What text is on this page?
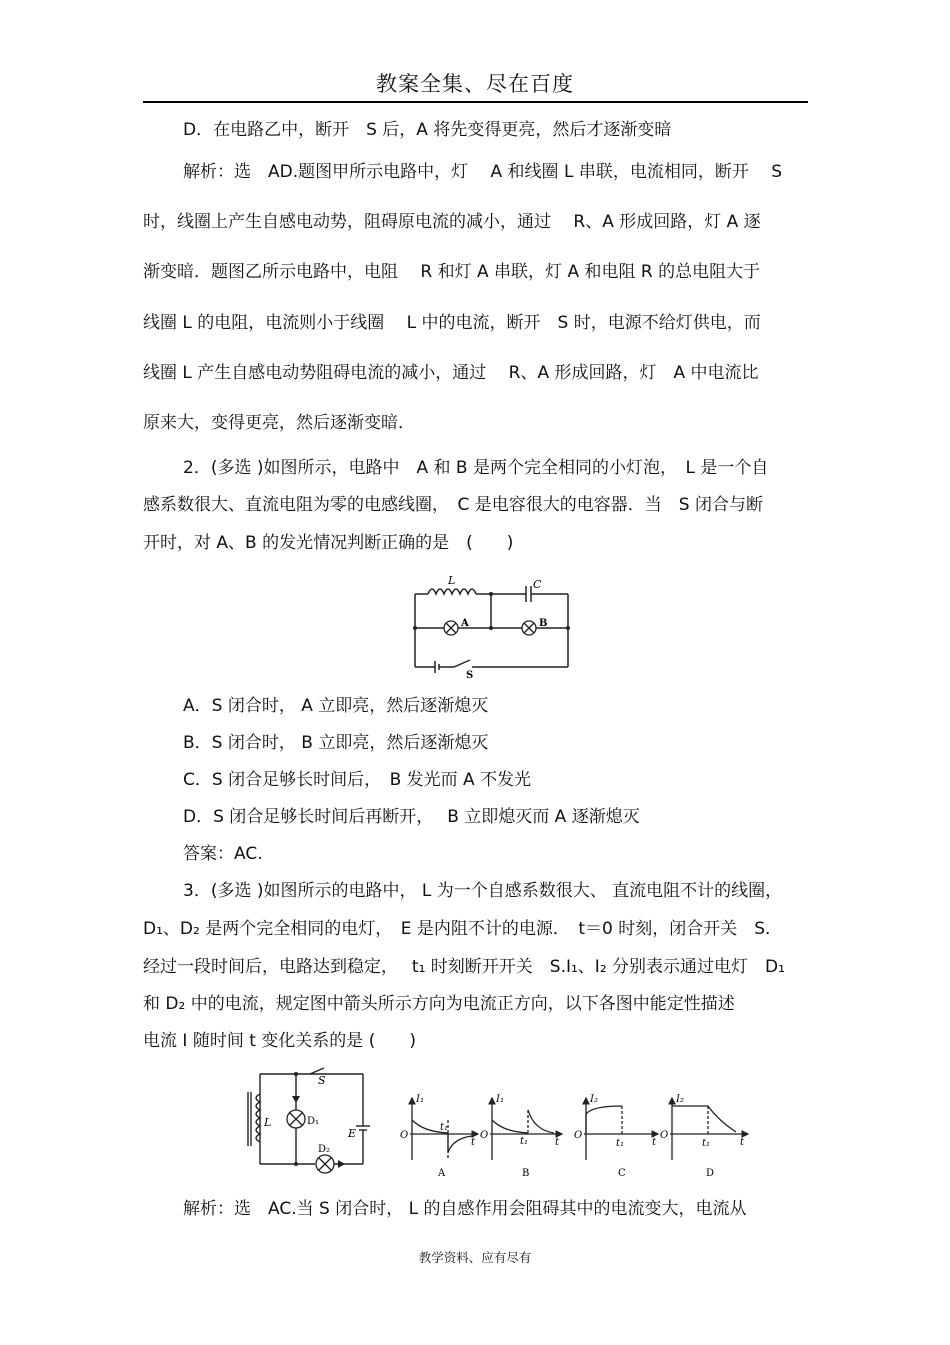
教案全集、尽在百度
D．在电路乙中，断开　S 后，A 将先变得更亮，然后才逐渐变暗
解析：选　AD.题图甲所示电路中，灯　 A 和线圈 L 串联，电流相同，断开　 S
时，线圈上产生自感电动势，阻碍原电流的减小，通过　 R、A 形成回路，灯 A 逐
渐变暗．题图乙所示电路中，电阻　 R 和灯 A 串联，灯 A 和电阻 R 的总电阻大于
线圈 L 的电阻，电流则小于线圈　 L 中的电流，断开　S 时，电源不给灯供电，而
线圈 L 产生自感电动势阻碍电流的减小，通过　 R、A 形成回路，灯　A 中电流比
原来大，变得更亮，然后逐渐变暗．
2．(多选 )如图所示，电路中　A 和 B 是两个完全相同的小灯泡，　L 是一个自
感系数很大、直流电阻为零的电感线圈，　C 是电容很大的电容器．当　S 闭合与断
开时，对 A、B 的发光情况判断正确的是　(　　)
A．S 闭合时， A 立即亮，然后逐渐熄灭
B．S 闭合时， B 立即亮，然后逐渐熄灭
C．S 闭合足够长时间后，　B 发光而 A 不发光
D．S 闭合足够长时间后再断开，　 B 立即熄灭而 A 逐渐熄灭
答案：AC.
3．(多选 )如图所示的电路中， L 为一个自感系数很大、 直流电阻不计的线圈，
D₁、D₂ 是两个完全相同的电灯，　E 是内阻不计的电源．　t＝0 时刻，闭合开关　S.
经过一段时间后，电路达到稳定，　 t₁ 时刻断开开关　S.I₁、I₂ 分别表示通过电灯　D₁
和 D₂ 中的电流，规定图中箭头所示方向为电流正方向，以下各图中能定性描述
电流 I 随时间 t 变化关系的是 (　　)
解析：选　AC.当 S 闭合时， L 的自感作用会阻碍其中的电流变大，电流从
L	C
A	B
S
S
L	D₁
D₂
E
I₁	I₁	I₂	I₂
O	O	O	O
t	t	t	t
t₁
t₁	t₁	t₁
A	B	C	D
教学资料、应有尽有
